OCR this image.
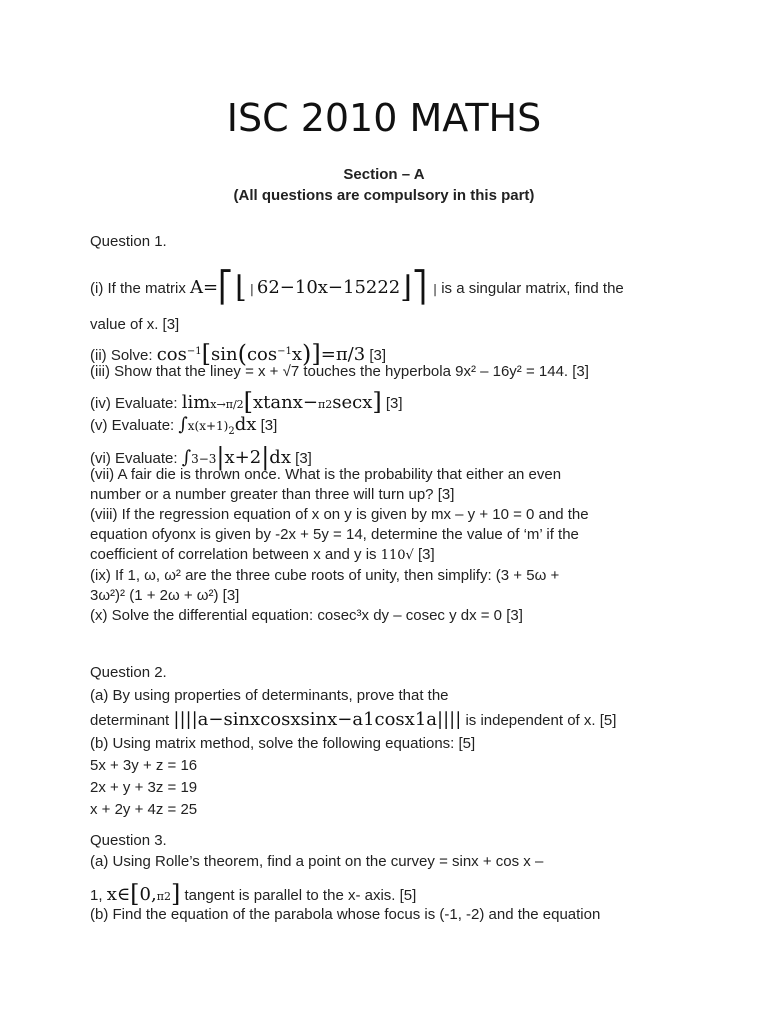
ISC 2010 MATHS
Section – A
(All questions are compulsory in this part)
Question 1.
(i) If the matrix A=⎡⌊ | 62−10x−15222⌋⎤ | is a singular matrix, find the
value of x. [3]
(ii) Solve: $\cos^{-1}[\sin(\cos^{-1}x)]=\pi/3$ [3]
(iii) Show that the liney = x + √7 touches the hyperbola 9x² – 16y² = 144. [3]
(iv) Evaluate: limx→π/2[xtanx−π2secx] [3]
(v) Evaluate: $\int x(x+1)_2dx$ [3]
(vi) Evaluate: ∫3−3|x+2|dx [3]
(vii) A fair die is thrown once. What is the probability that either an even
number or a number greater than three will turn up? [3]
(viii) If the regression equation of x on y is given by mx – y + 10 = 0 and the
equation ofyonx is given by -2x + 5y = 14, determine the value of ‘m’ if the
coefficient of correlation between x and y is 110√ [3]
(ix) If 1, ω, ω² are the three cube roots of unity, then simplify: (3 + 5ω +
3ω²)² (1 + 2ω + ω²) [3]
(x) Solve the differential equation: cosec³x dy – cosec y dx = 0 [3]
Question 2.
(a) By using properties of determinants, prove that the
determinant ||||a−sinxcosxsinx−a1cosx1a|||| is independent of x. [5]
(b) Using matrix method, solve the following equations: [5]
5x + 3y + z = 16
2x + y + 3z = 19
x + 2y + 4z = 25
Question 3.
(a) Using Rolle’s theorem, find a point on the curvey = sinx + cos x –
1, x∈[0,π2] tangent is parallel to the x- axis. [5]
(b) Find the equation of the parabola whose focus is (-1, -2) and the equation
